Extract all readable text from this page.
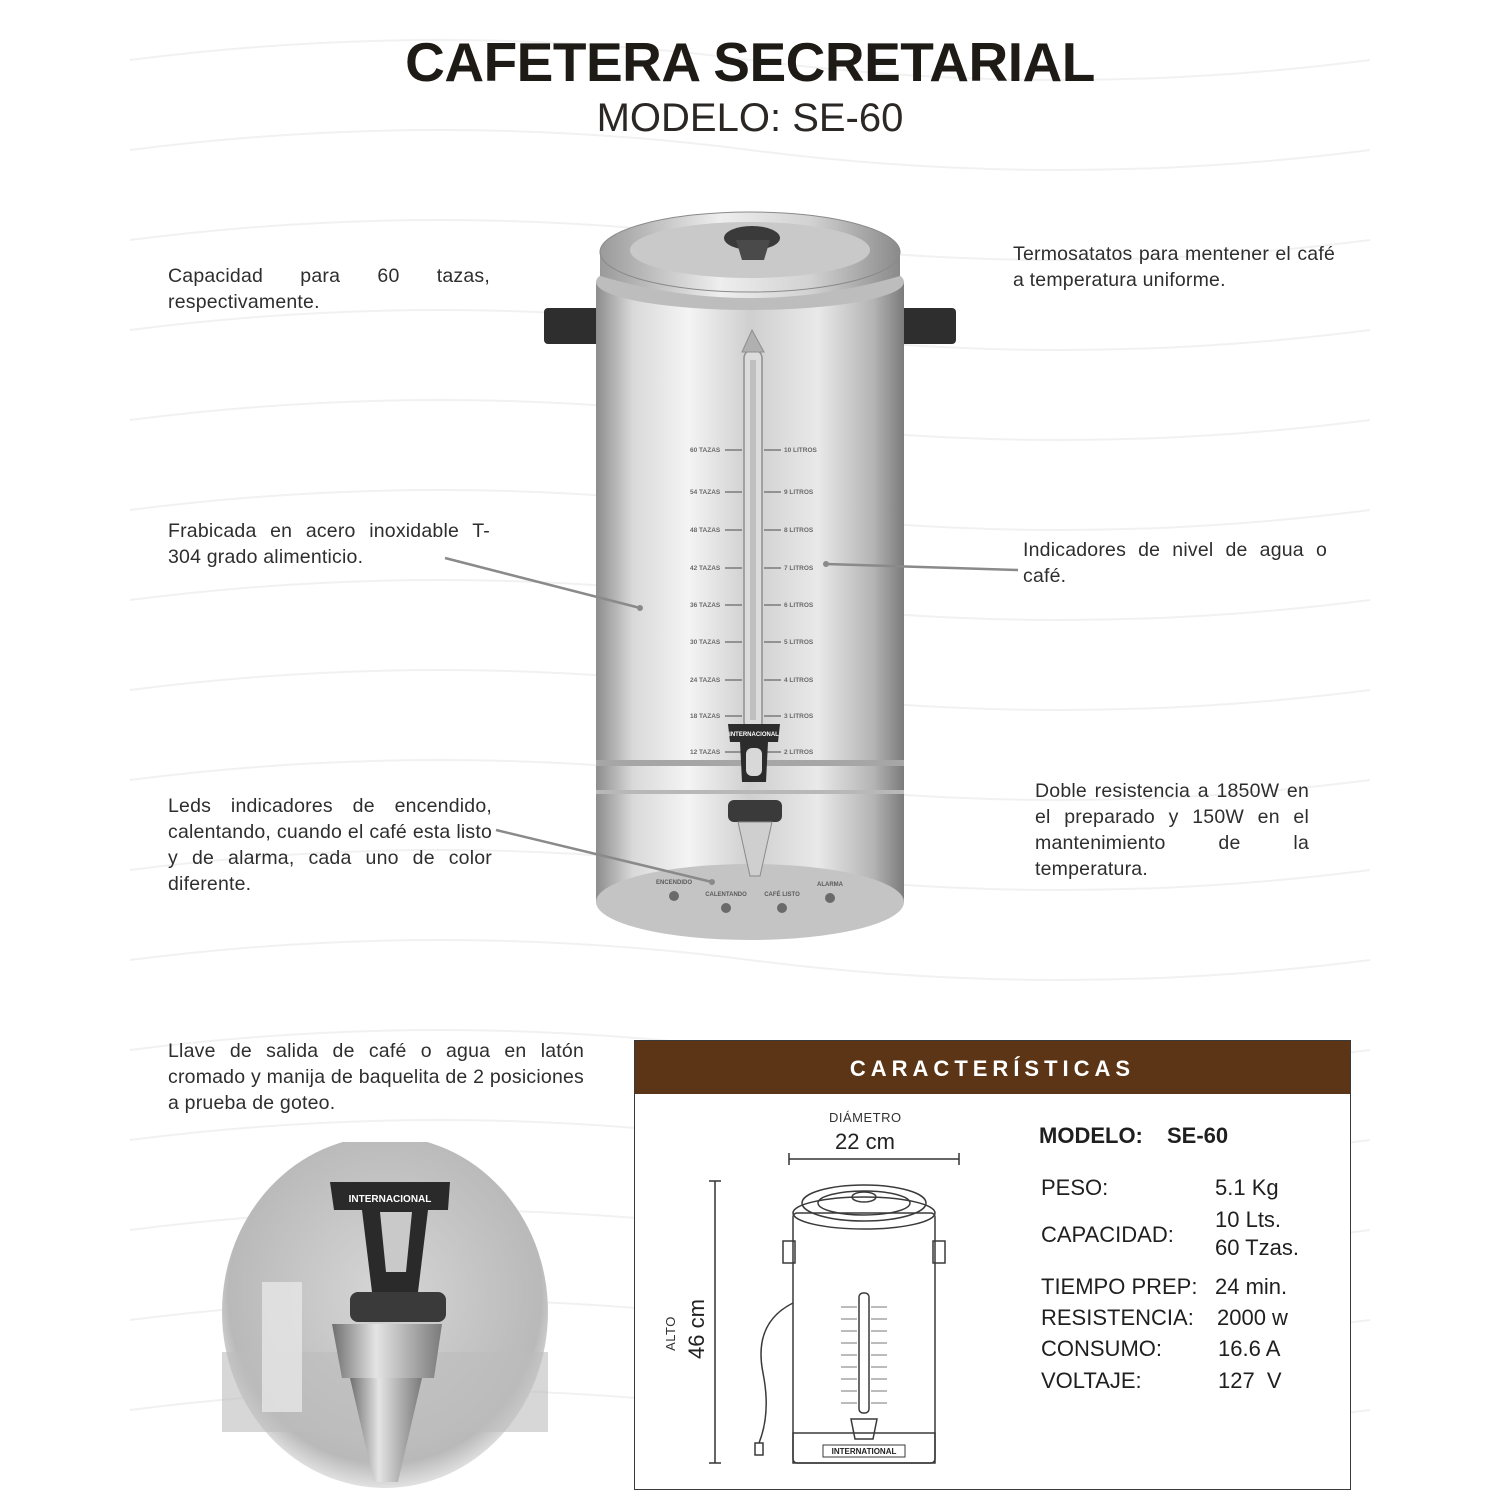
CAFETERA SECRETARIAL
MODELO: SE-60
Capacidad para 60 tazas, respectivamente.
Frabicada en acero inoxidable T-304 grado alimenticio.
Leds indicadores de encendido, calentando, cuando el café esta listo y de alarma, cada uno de color diferente.
Llave de salida de café o agua en latón cromado y manija de baquelita de 2 posiciones a prueba de goteo.
Termosatatos para mentener el café a temperatura uniforme.
Indicadores de nivel de agua o café.
Doble resistencia a 1850W en el preparado y 150W en el mantenimiento de la temperatura.
60 TAZAS
54 TAZAS
48 TAZAS
42 TAZAS
36 TAZAS
30 TAZAS
24 TAZAS
18 TAZAS
12 TAZAS
10 LITROS
9 LITROS
8 LITROS
7 LITROS
6 LITROS
5 LITROS
4 LITROS
3 LITROS
2 LITROS
INTERNACIONAL
ENCENDIDO
CALENTANDO	CAFÉ LISTO
ALARMA
INTERNACIONAL
CARACTERÍSTICAS
DIÁMETRO
22 cm
ALTO 46 cm
INTERNATIONAL
MODELO: SE-60
PESO:	5.1 Kg
CAPACIDAD:
10 Lts.
60 Tzas.
TIEMPO PREP: 24 min.
RESISTENCIA: 2000 w
CONSUMO:	16.6 A
VOLTAJE:	127  V
